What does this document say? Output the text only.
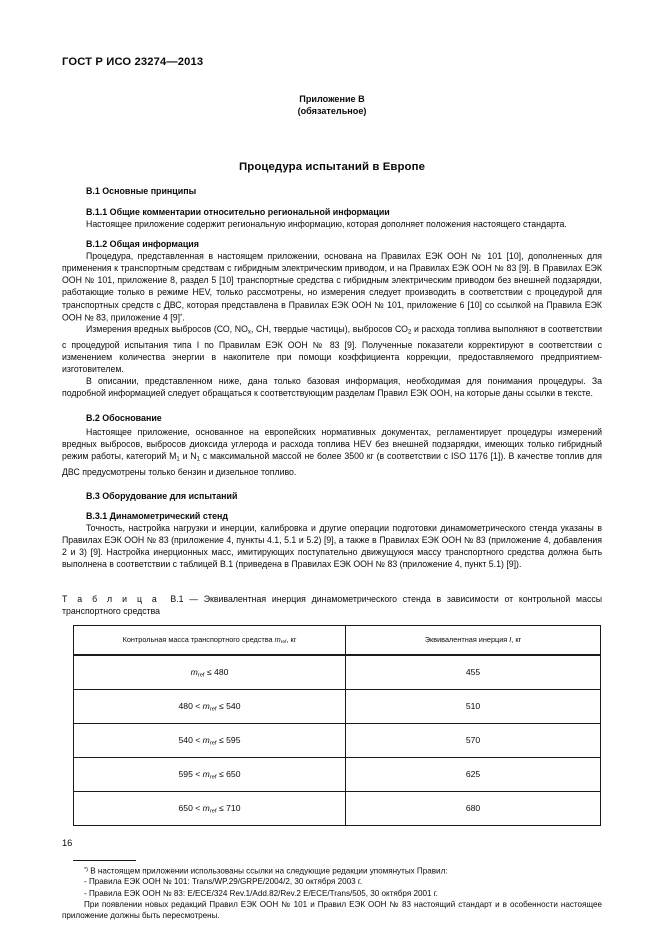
ГОСТ Р ИСО 23274—2013
Приложение В
(обязательное)
Процедура испытаний в Европе
В.1 Основные принципы
В.1.1 Общие комментарии относительно региональной информации

Настоящее приложение содержит региональную информацию, которая дополняет положения настоящего стандарта.

В.1.2 Общая информация

Процедура, представленная в настоящем приложении, основана на Правилах ЕЭК ООН № 101 [10], дополненных для применения к транспортным средствам с гибридным электрическим приводом, и на Правилах ЕЭК ООН № 83 [9]. В Правилах ЕЭК ООН № 101, приложение 8, раздел 5 [10] транспортные средства с гибридным электрическим приводом без внешней подзарядки, работающие только в режиме HEV, только рассмотрены, но измерения следует производить в соответствии с процедурой для транспортных средств с ДВС, которая представлена в Правилах ЕЭК ООН № 101, приложение 6 [10] со ссылкой на Правила ЕЭК ООН № 83, приложение 4 [9]*.

Измерения вредных выбросов (СО, $NO_x$, СН, твердые частицы), выбросов $СО_2$ и расхода топлива выполняют в соответствии с процедурой испытания типа I по Правилам ЕЭК ООН № 83 [9]. Полученные показатели корректируют в соответствии с изменением количества энергии в накопителе при помощи коэффициента коррекции, предоставляемого предприятием-изготовителем.

В описании, представленном ниже, дана только базовая информация, необходимая для понимания процедуры. За подробной информацией следует обращаться к соответствующим разделам Правил ЕЭК ООН, на которые даны ссылки в тексте.

В.2 Обоснование

Настоящее приложение, основанное на европейских нормативных документах, регламентирует процедуры измерений вредных выбросов, выбросов диоксида углерода и расхода топлива HEV без внешней подзарядки, имеющих только гибридный режим работы, категорий $M_1$ и $N_1$ с максимальной массой не более 3500 кг (в соответствии с ISO 1176 [1]). В качестве топлив для ДВС предусмотрены только бензин и дизельное топливо.

В.3 Оборудование для испытаний
В.3.1 Динамометрический стенд

Точность, настройка нагрузки и инерции, калибровка и другие операции подготовки динамометрического стенда указаны в Правилах ЕЭК ООН № 83 (приложение 4, пункты 4.1, 5.1 и 5.2) [9], а также в Правилах ЕЭК ООН № 83 (приложение 4, добавления 2 и 3) [9]. Настройка инерционных масс, имитирующих поступательно движущуюся массу транспортного средства должна быть выполнена в соответствии с таблицей В.1 (приведена в Правилах ЕЭК ООН № 83 (приложение 4, пункт 5.1) [9]).

Т а б л и ц а В.1 — Эквивалентная инерция динамометрического стенда в зависимости от контрольной массы транспортного средства

Контрольная масса транспортного средства $m_{ref}$, кг	Эквивалентная инерция I, кг
$m_{ref} \le 480$	455
$480 < m_{ref} \le 540$	510
$540 < m_{ref} \le 595$	570
$595 < m_{ref} \le 650$	625
$650 < m_{ref} \le 710$	680

*) В настоящем приложении использованы ссылки на следующие редакции упомянутых Правил:

- Правила ЕЭК ООН № 101: Trans/WP.29/GRPE/2004/2, 30 октября 2003 г.

- Правила ЕЭК ООН № 83: E/ECE/324 Rev.1/Add.82/Rev.2 E/ECE/Trans/505, 30 октября 2001 г.

При появлении новых редакций Правил ЕЭК ООН № 101 и Правил ЕЭК ООН № 83 настоящий стандарт и в особенности настоящее приложение должны быть пересмотрены.

16
